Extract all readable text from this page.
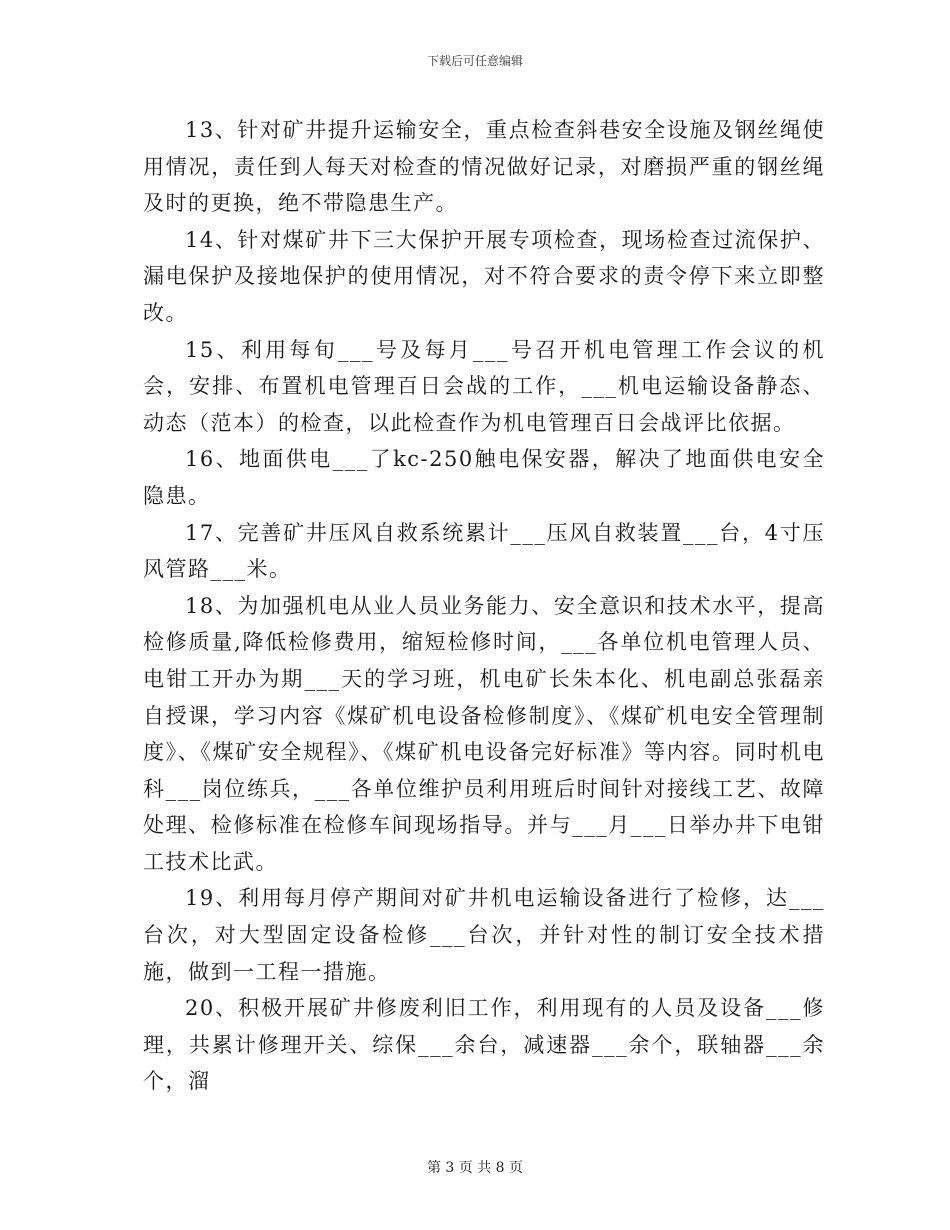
下载后可任意编辑

13、针对矿井提升运输安全，重点检查斜巷安全设施及钢丝绳使用情况，责任到人每天对检查的情况做好记录，对磨损严重的钢丝绳及时的更换，绝不带隐患生产。

14、针对煤矿井下三大保护开展专项检查，现场检查过流保护、漏电保护及接地保护的使用情况，对不符合要求的责令停下来立即整改。

15、利用每旬___号及每月___号召开机电管理工作会议的机会，安排、布置机电管理百日会战的工作，___机电运输设备静态、动态（范本）的检查，以此检查作为机电管理百日会战评比依据。

16、地面供电___了kc-250触电保安器，解决了地面供电安全隐患。

17、完善矿井压风自救系统累计___压风自救装置___台，4寸压风管路___米。

18、为加强机电从业人员业务能力、安全意识和技术水平，提高检修质量,降低检修费用，缩短检修时间，___各单位机电管理人员、电钳工开办为期___天的学习班，机电矿长朱本化、机电副总张磊亲自授课，学习内容《煤矿机电设备检修制度》、《煤矿机电安全管理制度》、《煤矿安全规程》、《煤矿机电设备完好标准》等内容。同时机电科___岗位练兵，___各单位维护员利用班后时间针对接线工艺、故障处理、检修标准在检修车间现场指导。并与___月___日举办井下电钳工技术比武。

19、利用每月停产期间对矿井机电运输设备进行了检修，达___台次，对大型固定设备检修___台次，并针对性的制订安全技术措施，做到一工程一措施。

20、积极开展矿井修废利旧工作，利用现有的人员及设备___修理，共累计修理开关、综保___余台，减速器___余个，联轴器___余个，溜

第 3 页 共 8 页
